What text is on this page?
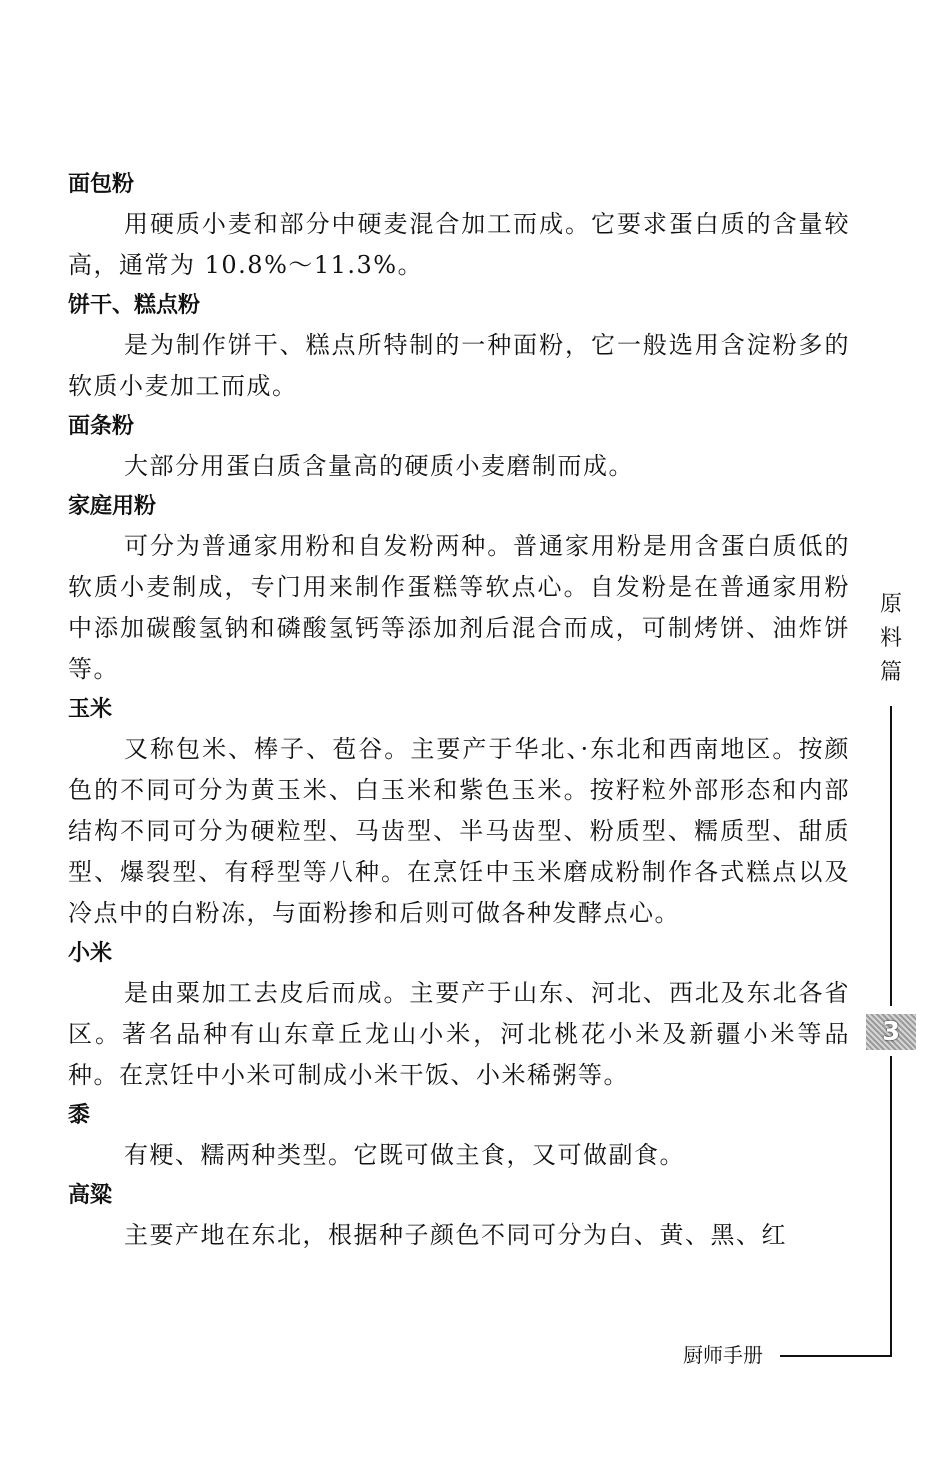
面包粉

用硬质小麦和部分中硬麦混合加工而成。它要求蛋白质的含量较高，通常为 10.8%～11.3%。

饼干、糕点粉

是为制作饼干、糕点所特制的一种面粉，它一般选用含淀粉多的软质小麦加工而成。

面条粉

大部分用蛋白质含量高的硬质小麦磨制而成。

家庭用粉

可分为普通家用粉和自发粉两种。普通家用粉是用含蛋白质低的软质小麦制成，专门用来制作蛋糕等软点心。自发粉是在普通家用粉中添加碳酸氢钠和磷酸氢钙等添加剂后混合而成，可制烤饼、油炸饼等。

玉米

又称包米、棒子、苞谷。主要产于华北、·东北和西南地区。按颜色的不同可分为黄玉米、白玉米和紫色玉米。按籽粒外部形态和内部结构不同可分为硬粒型、马齿型、半马齿型、粉质型、糯质型、甜质型、爆裂型、有稃型等八种。在烹饪中玉米磨成粉制作各式糕点以及冷点中的白粉冻，与面粉掺和后则可做各种发酵点心。

小米

是由粟加工去皮后而成。主要产于山东、河北、西北及东北各省区。著名品种有山东章丘龙山小米，河北桃花小米及新疆小米等品种。在烹饪中小米可制成小米干饭、小米稀粥等。

黍

有粳、糯两种类型。它既可做主食，又可做副食。

高粱

主要产地在东北，根据种子颜色不同可分为白、黄、黑、红

原
料
篇
3
厨师手册
